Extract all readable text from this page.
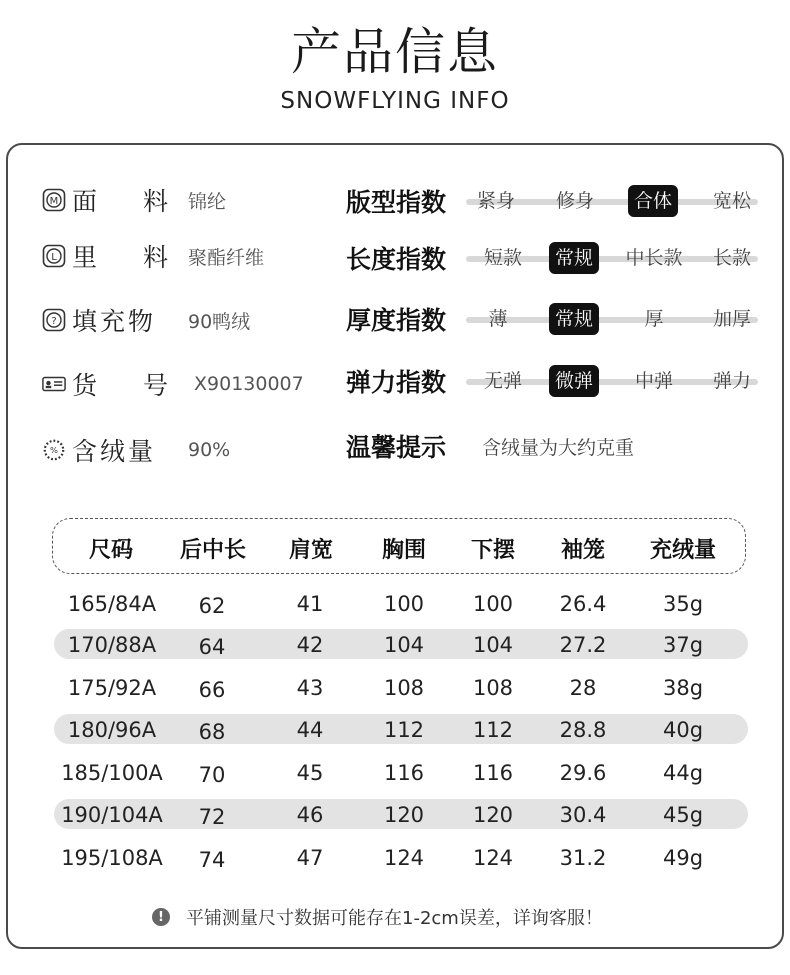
产品信息
SNOWFLYING INFO
M 面 料 锦纶
L 里 料 聚酯纤维
? 填充物	90鸭绒
货 号 X90130007
% 含绒量	90%
版型指数	紧身 修身	合体	宽松
长度指数	短款	常规	中长款 长款
厚度指数	薄	常规	厚	加厚
弹力指数	无弹	微弹	中弹 弹力
温馨提示	含绒量为大约克重
尺码 后中长 肩宽 胸围 下摆 袖笼 充绒量
165/84A 62	41	100 100 26.4	35g
170/88A 64	42	104 104 27.2	37g
175/92A 66	43	108 108	28	38g
180/96A 68	44	112 112 28.8	40g
185/100A 70	45	116 116 29.6	44g
190/104A 72	46	120 120 30.4	45g
195/108A 74	47	124 124 31.2	49g
!	平铺测量尺寸数据可能存在1-2cm误差，详询客服！
